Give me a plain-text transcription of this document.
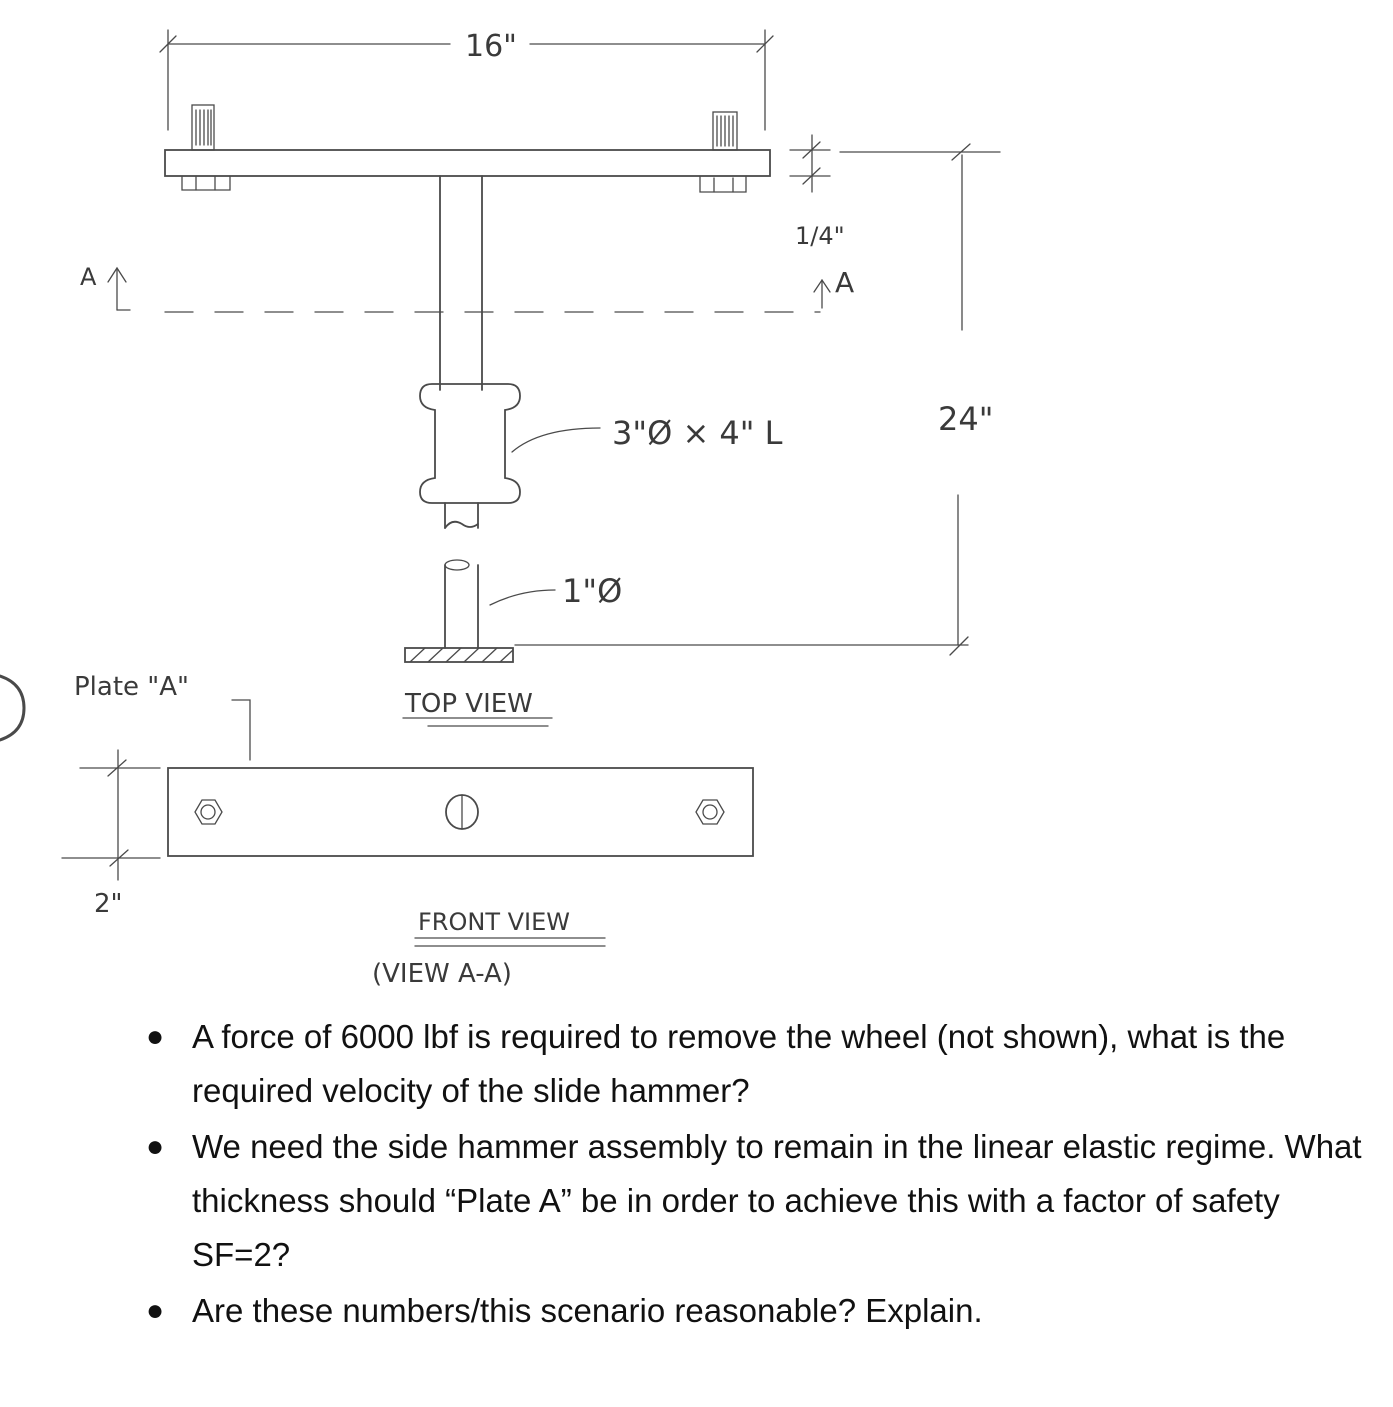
16"
1/4"
24"
A	A
3"Ø × 4" L
1"Ø
TOP VIEW
Plate "A"
2"
FRONT VIEW
(VIEW A-A)
● A force of 6000 lbf is required to remove the wheel (not shown), what is the required velocity of the slide hammer?
● We need the side hammer assembly to remain in the linear elastic regime. What thickness should “Plate A” be in order to achieve this with a factor of safety SF=2?
● Are these numbers/this scenario reasonable? Explain.
